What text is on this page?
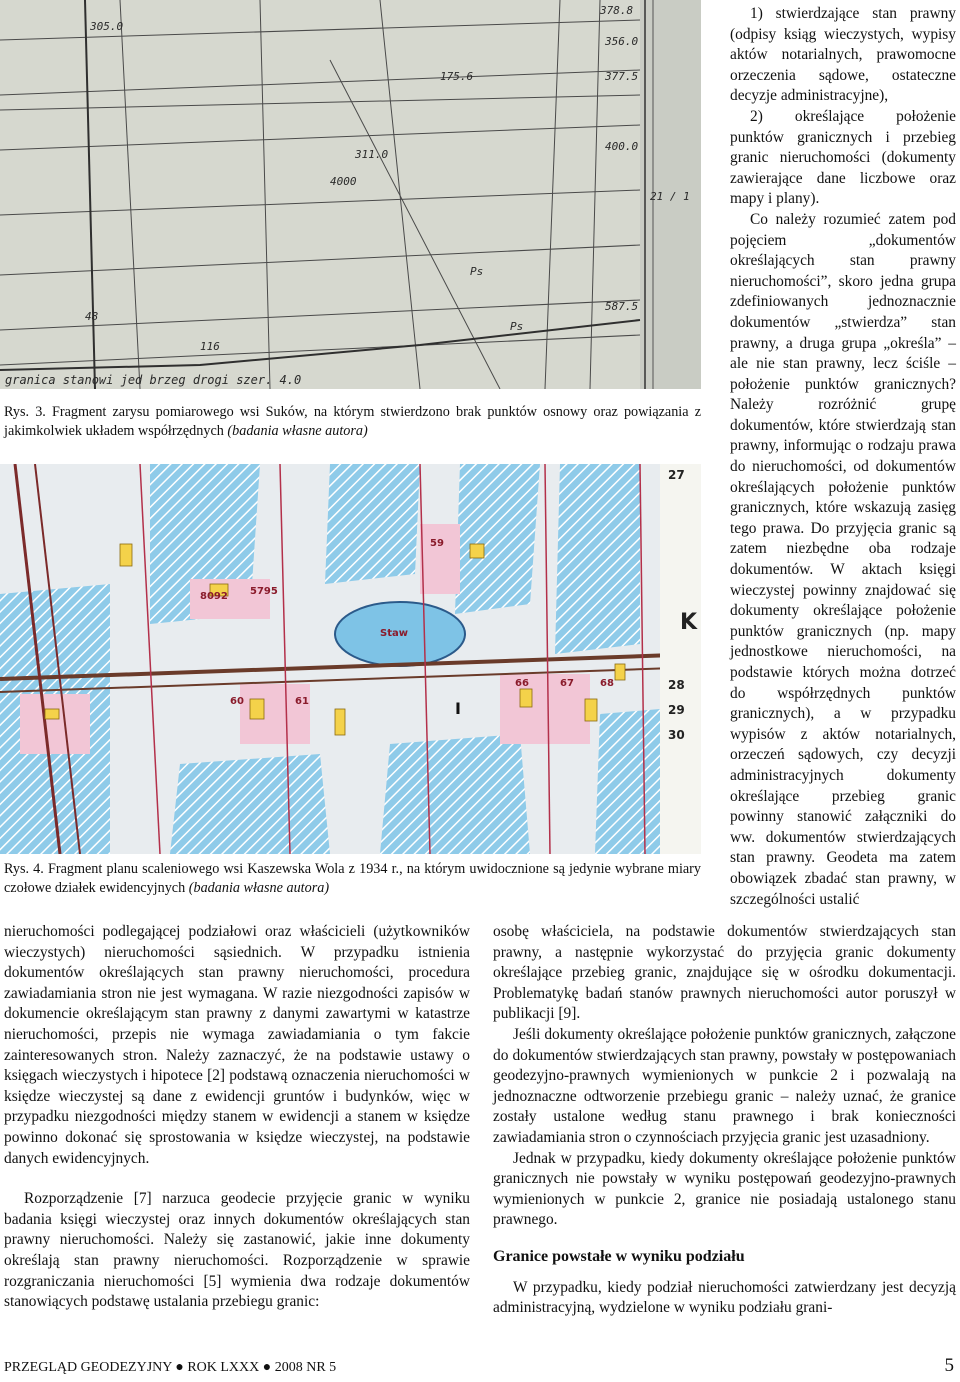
305.0
378.8
356.0
377.5
175.6
311.0
400.0
4000
587.5
48
116
granica stanowi jed brzeg drogi szer. 4.0
21 / 1
Ps
Ps
Rys. 3. Fragment zarysu pomiarowego wsi Suków, na którym stwierdzono brak punktów osnowy oraz powiązania z jakimkolwiek układem współrzędnych (badania własne autora)
27
28
29
30
K
Staw
8092 5795
66	67	68
60	61
59
I
Rys. 4. Fragment planu scaleniowego wsi Kaszewska Wola z 1934 r., na którym uwidocznione są jedynie wybrane miary czołowe działek ewidencyjnych (badania własne autora)

1) stwierdzające stan prawny (odpisy ksiąg wieczystych, wypisy aktów notarialnych, prawomocne orzeczenia sądowe, ostateczne decyzje administracyjne),

2) określające położenie punktów granicznych i przebieg granic nieruchomości (dokumenty zawierające dane liczbowe oraz mapy i plany).

Co należy rozumieć zatem pod pojęciem „dokumentów określających stan prawny nieruchomości”, skoro jedna grupa zdefiniowanych jednoznacznie dokumentów „stwierdza” stan prawny, a druga grupa „określa” – ale nie stan prawny, lecz ściśle – położenie punktów granicznych? Należy rozróżnić grupę dokumentów, które stwierdzają stan prawny, informując o rodzaju prawa do nieruchomości, od dokumentów określających położenie punktów granicznych, które wskazują zasięg tego prawa. Do przyjęcia granic są zatem niezbędne oba rodzaje dokumentów. W aktach księgi wieczystej powinny znajdować się dokumenty określające położenie punktów granicznych (np. mapy jednostkowe nieruchomości, na podstawie których można dotrzeć do współrzędnych punktów granicznych), a w przypadku wypisów z aktów notarialnych, orzeczeń sądowych, czy decyzji administracyjnych dokumenty określające przebieg granic powinny stanowić załączniki do ww. dokumentów stwierdzających stan prawny. Geodeta ma zatem obowiązek zbadać stan prawny, w szczególności ustalić

nieruchomości podlegającej podziałowi oraz właścicieli (użytkowników wieczystych) nieruchomości sąsiednich. W przypadku istnienia dokumentów określających stan prawny nieruchomości, procedura zawiadamiania stron nie jest wymagana. W razie niezgodności zapisów w dokumencie określającym stan prawny z danymi zawartymi w katastrze nieruchomości, przepis nie wymaga zawiadamiania o tym fakcie zainteresowanych stron. Należy zaznaczyć, że na podstawie ustawy o księgach wieczystych i hipotece [2] podstawą oznaczenia nieruchomości w księdze wieczystej są dane z ewidencji gruntów i budynków, więc w przypadku niezgodności między stanem w ewidencji a stanem w księdze powinno dokonać się sprostowania w księdze wieczystej, na podstawie danych ewidencyjnych.

Rozporządzenie [7] narzuca geodecie przyjęcie granic w wyniku badania księgi wieczystej oraz innych dokumentów określających stan prawny nieruchomości. Należy się zastanowić, jakie inne dokumenty określają stan prawny nieruchomości. Rozporządzenie w sprawie rozgraniczania nieruchomości [5] wymienia dwa rodzaje dokumentów stanowiących podstawę ustalania przebiegu granic:

osobę właściciela, na podstawie dokumentów stwierdzających stan prawny, a następnie wykorzystać do przyjęcia granic dokumenty określające przebieg granic, znajdujące się w ośrodku dokumentacji. Problematykę badań stanów prawnych nieruchomości autor poruszył w publikacji [9].

Jeśli dokumenty określające położenie punktów granicznych, załączone do dokumentów stwierdzających stan prawny, powstały w postępowaniach geodezyjno-prawnych wymienionych w punkcie 2 i pozwalają na jednoznaczne odtworzenie przebiegu granic – należy uznać, że granice zostały ustalone według stanu prawnego i brak konieczności zawiadamiania stron o czynnościach przyjęcia granic jest uzasadniony.

Jednak w przypadku, kiedy dokumenty określające położenie punktów granicznych nie powstały w wyniku postępowań geodezyjno-prawnych wymienionych w punkcie 2, granice nie posiadają ustalonego stanu prawnego.

Granice powstałe w wyniku podziału

W przypadku, kiedy podział nieruchomości zatwierdzany jest decyzją administracyjną, wydzielone w wyniku podziału grani-

PRZEGLĄD GEODEZYJNY ● ROK LXXX ● 2008 NR 5	5
